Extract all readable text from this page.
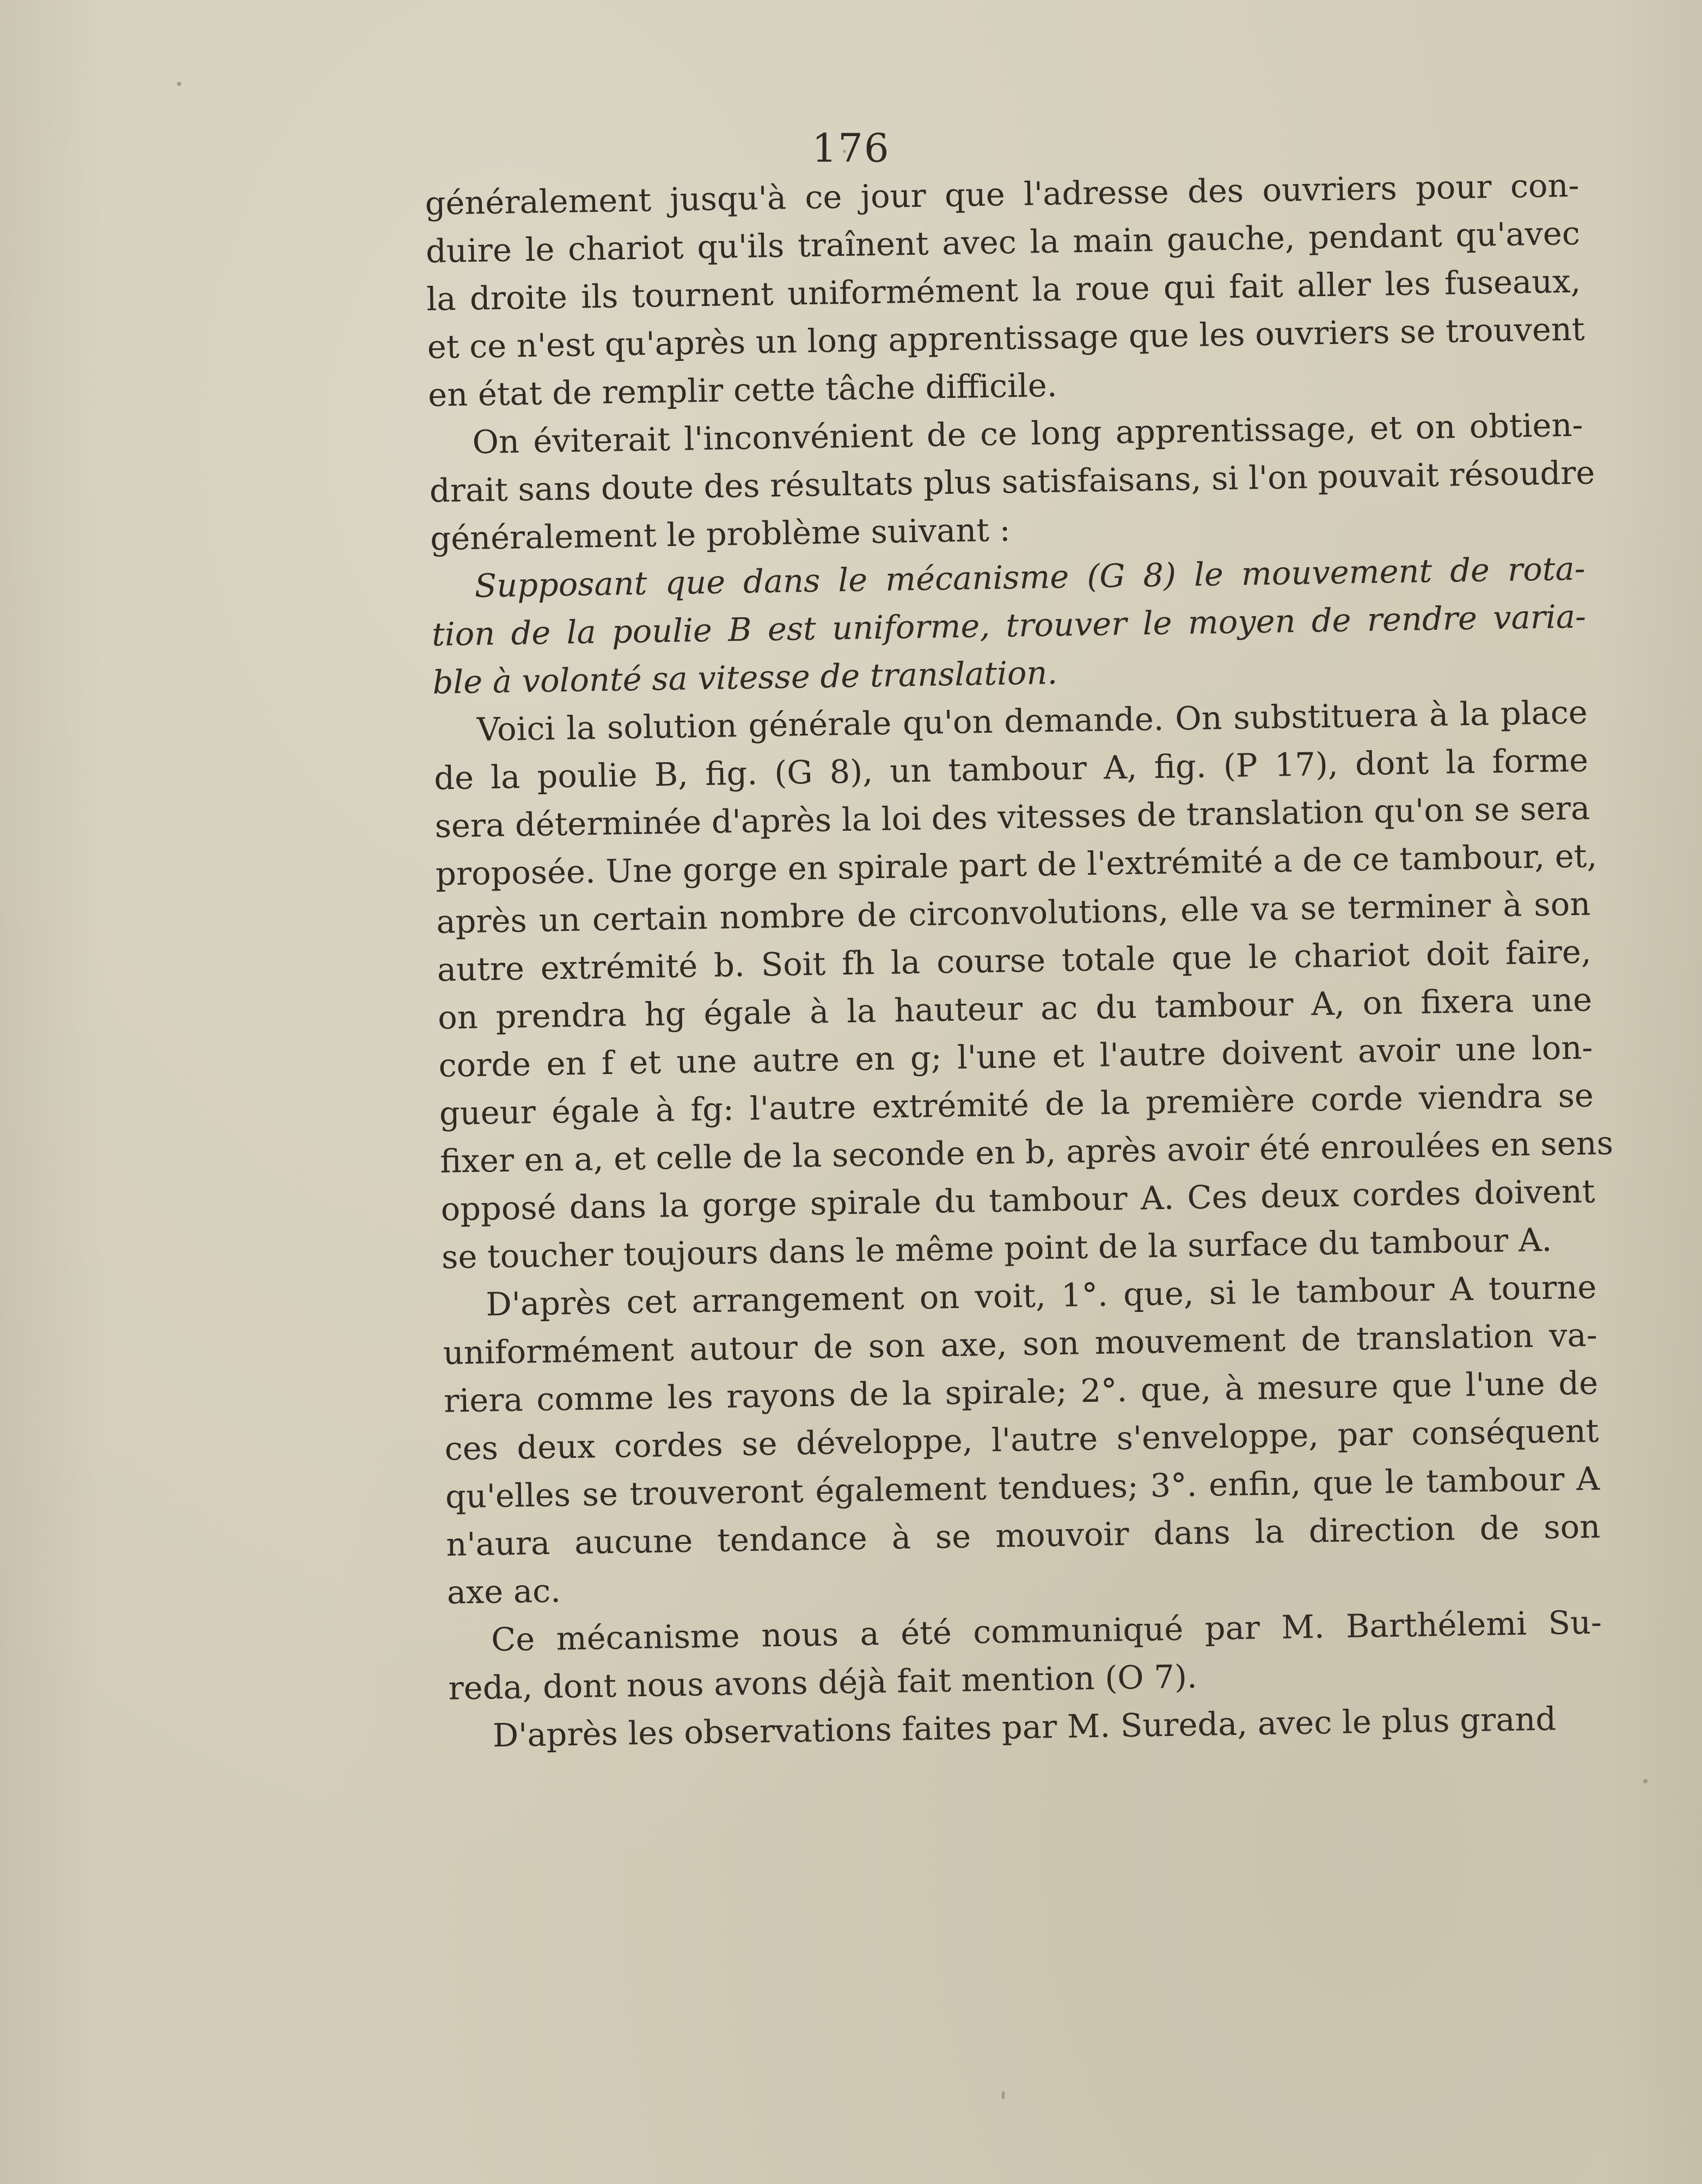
176
généralement jusqu'à ce jour que l'adresse des ouvriers pour con-
duire le chariot qu'ils traînent avec la main gauche, pendant qu'avec
la droite ils tournent uniformément la roue qui fait aller les fuseaux,
et ce n'est qu'après un long apprentissage que les ouvriers se trouvent
en état de remplir cette tâche difficile.
On éviterait l'inconvénient de ce long apprentissage, et on obtien-
drait sans doute des résultats plus satisfaisans, si l'on pouvait résoudre
généralement le problème suivant :
Supposant que dans le mécanisme (G 8) le mouvement de rota-
tion de la poulie B est uniforme, trouver le moyen de rendre varia-
ble à volonté sa vitesse de translation.
Voici la solution générale qu'on demande. On substituera à la place
de la poulie B, fig. (G 8), un tambour A, fig. (P 17), dont la forme
sera déterminée d'après la loi des vitesses de translation qu'on se sera
proposée. Une gorge en spirale part de l'extrémité a de ce tambour, et,
après un certain nombre de circonvolutions, elle va se terminer à son
autre extrémité b. Soit fh la course totale que le chariot doit faire,
on prendra hg égale à la hauteur ac du tambour A, on fixera une
corde en f et une autre en g; l'une et l'autre doivent avoir une lon-
gueur égale à fg: l'autre extrémité de la première corde viendra se
fixer en a, et celle de la seconde en b, après avoir été enroulées en sens
opposé dans la gorge spirale du tambour A. Ces deux cordes doivent
se toucher toujours dans le même point de la surface du tambour A.
D'après cet arrangement on voit, 1°. que, si le tambour A tourne
uniformément autour de son axe, son mouvement de translation va-
riera comme les rayons de la spirale; 2°. que, à mesure que l'une de
ces deux cordes se développe, l'autre s'enveloppe, par conséquent
qu'elles se trouveront également tendues; 3°. enfin, que le tambour A
n'aura aucune tendance à se mouvoir dans la direction de son
axe ac.
Ce mécanisme nous a été communiqué par M. Barthélemi Su-
reda, dont nous avons déjà fait mention (O 7).
D'après les observations faites par M. Sureda, avec le plus grand
